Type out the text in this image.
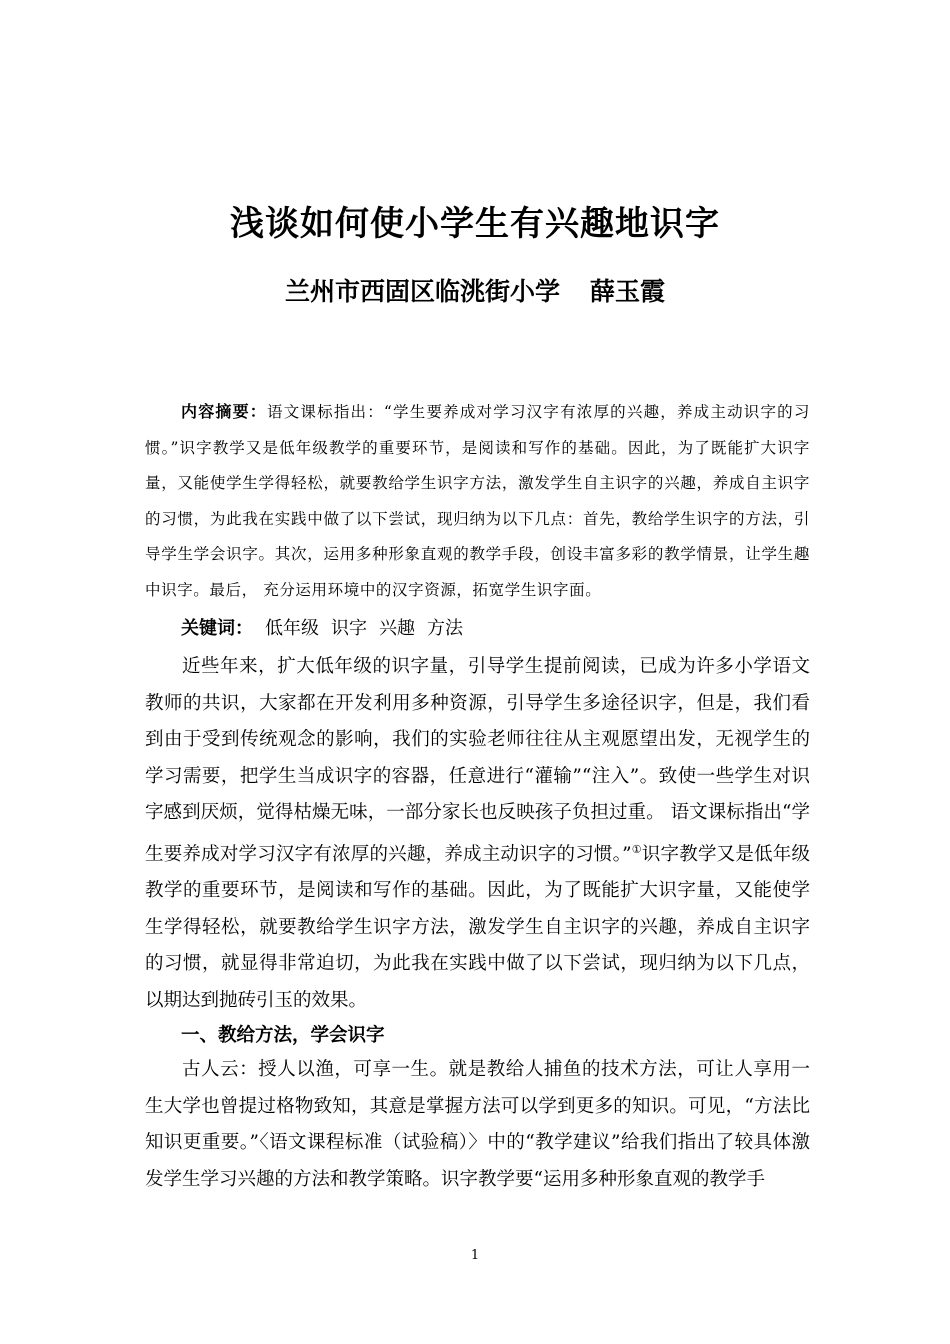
浅谈如何使小学生有兴趣地识字
兰州市西固区临洮街小学 薛玉霞
内容摘要：语文课标指出：“学生要养成对学习汉字有浓厚的兴趣，养成主动识字的习惯。”识字教学又是低年级教学的重要环节，是阅读和写作的基础。因此，为了既能扩大识字量，又能使学生学得轻松，就要教给学生识字方法，激发学生自主识字的兴趣，养成自主识字的习惯，为此我在实践中做了以下尝试，现归纳为以下几点：首先，教给学生识字的方法，引导学生学会识字。其次，运用多种形象直观的教学手段，创设丰富多彩的教学情景，让学生趣中识字。最后， 充分运用环境中的汉字资源，拓宽学生识字面。
关键词： 低年级 识字 兴趣 方法
近些年来，扩大低年级的识字量，引导学生提前阅读，已成为许多小学语文教师的共识，大家都在开发利用多种资源，引导学生多途径识字，但是，我们看到由于受到传统观念的影响，我们的实验老师往往从主观愿望出发，无视学生的学习需要，把学生当成识字的容器，任意进行“灌输”“注入”。致使一些学生对识字感到厌烦，觉得枯燥无味，一部分家长也反映孩子负担过重。 语文课标指出“学生要养成对学习汉字有浓厚的兴趣，养成主动识字的习惯。”①识字教学又是低年级教学的重要环节，是阅读和写作的基础。因此，为了既能扩大识字量，又能使学生学得轻松，就要教给学生识字方法，激发学生自主识字的兴趣，养成自主识字的习惯，就显得非常迫切，为此我在实践中做了以下尝试，现归纳为以下几点，以期达到抛砖引玉的效果。
一、教给方法，学会识字
古人云：授人以渔，可享一生。就是教给人捕鱼的技术方法，可让人享用一生大学也曾提过格物致知，其意是掌握方法可以学到更多的知识。可见，“方法比知识更重要。”〈语文课程标准（试验稿）〉中的“教学建议”给我们指出了较具体激发学生学习兴趣的方法和教学策略。识字教学要“运用多种形象直观的教学手
1
